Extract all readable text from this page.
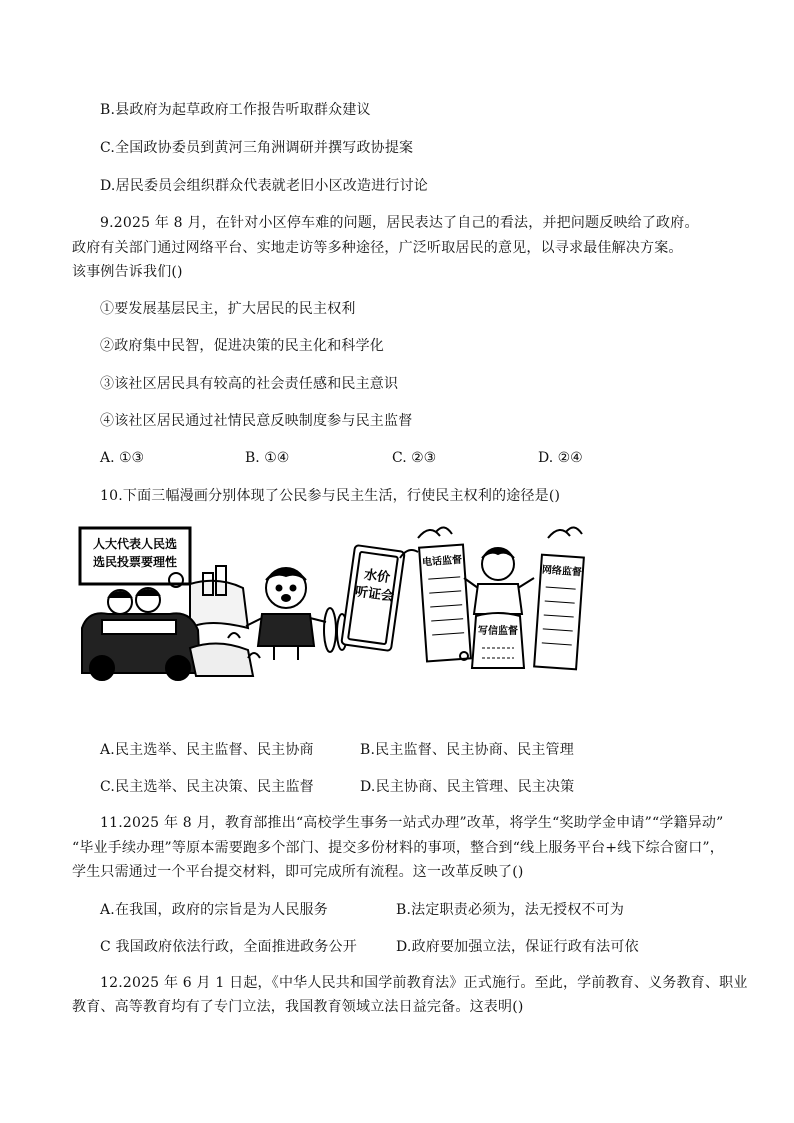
B.县政府为起草政府工作报告听取群众建议
C.全国政协委员到黄河三角洲调研并撰写政协提案
D.居民委员会组织群众代表就老旧小区改造进行讨论
9.2025 年 8 月，在针对小区停车难的问题，居民表达了自己的看法，并把问题反映给了政府。
政府有关部门通过网络平台、实地走访等多种途径，广泛听取居民的意见，以寻求最佳解决方案。
该事例告诉我们()
①要发展基层民主，扩大居民的民主权利
②政府集中民智，促进决策的民主化和科学化
③该社区居民具有较高的社会责任感和民主意识
④该社区居民通过社情民意反映制度参与民主监督
A. ①③	B. ①④	C. ②③	D. ②④
10.下面三幅漫画分别体现了公民参与民主生活，行使民主权利的途径是()
人大代表人民选
选民投票要理性
水价
听证会
电话监督
网络监督
写信监督
A.民主选举、民主监督、民主协商	B.民主监督、民主协商、民主管理
C.民主选举、民主决策、民主监督	D.民主协商、民主管理、民主决策
11.2025 年 8 月，教育部推出“高校学生事务一站式办理”改革，将学生“奖助学金申请”“学籍异动”
“毕业手续办理”等原本需要跑多个部门、提交多份材料的事项，整合到“线上服务平台+线下综合窗口”，
学生只需通过一个平台提交材料，即可完成所有流程。这一改革反映了()
A.在我国，政府的宗旨是为人民服务	B.法定职责必须为，法无授权不可为
C 我国政府依法行政，全面推进政务公开	D.政府要加强立法，保证行政有法可依
12.2025 年 6 月 1 日起，《中华人民共和国学前教育法》正式施行。至此，学前教育、义务教育、职业
教育、高等教育均有了专门立法，我国教育领域立法日益完备。这表明()
